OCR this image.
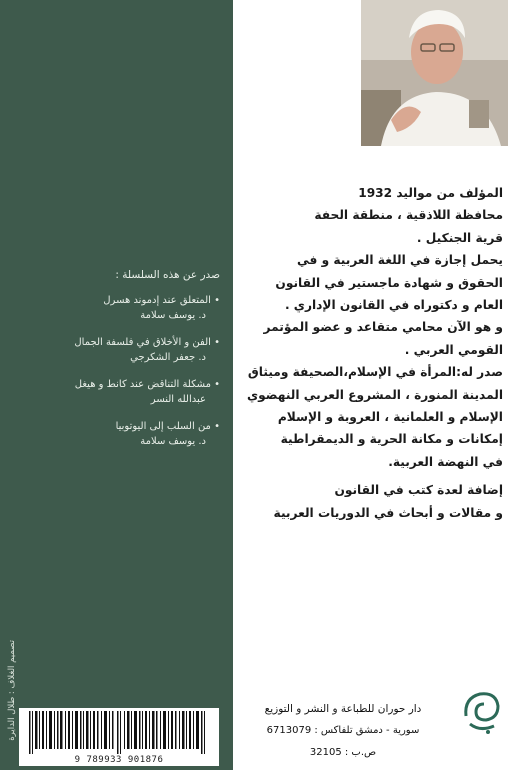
صدر عن هذه السلسلة :
• المتعلق عند إدموند هسرل
د. يوسف سلامة
• الفن و الأخلاق في فلسفة الجمال
د. جعفر الشكرجي
• مشكلة التناقض عند كانط و هيغل
عبدالله النسر
• من السلب إلى اليوتوبيا
د. يوسف سلامة
تصميم الغلاف : طلال الدايرة
9 789933 901876
المؤلف من مواليد 1932
محافظة اللاذقية ، منطقة الحفة
قرية الجنكيل .
يحمل إجازة في اللغة العربية و في
الحقوق و شهادة ماجستير في القانون
العام و دكتوراه في القانون الإداري .
و هو الآن محامي متقاعد و عضو المؤتمر
القومي العربي .
صدر له:المرأة في الإسلام،الصحيفة وميثاق
المدينة المنورة ، المشروع العربي النهضوي
الإسلام و العلمانية ، العروبة و الإسلام
إمكانات و مكانة الحرية و الديمقراطية
في النهضة العربية.
إضافة لعدة كتب في القانون
و مقالات و أبحاث في الدوريات العربية
دار حوران للطباعة و النشر و التوزيع
سورية - دمشق تلفاكس : 6713079
ص.ب : 32105
